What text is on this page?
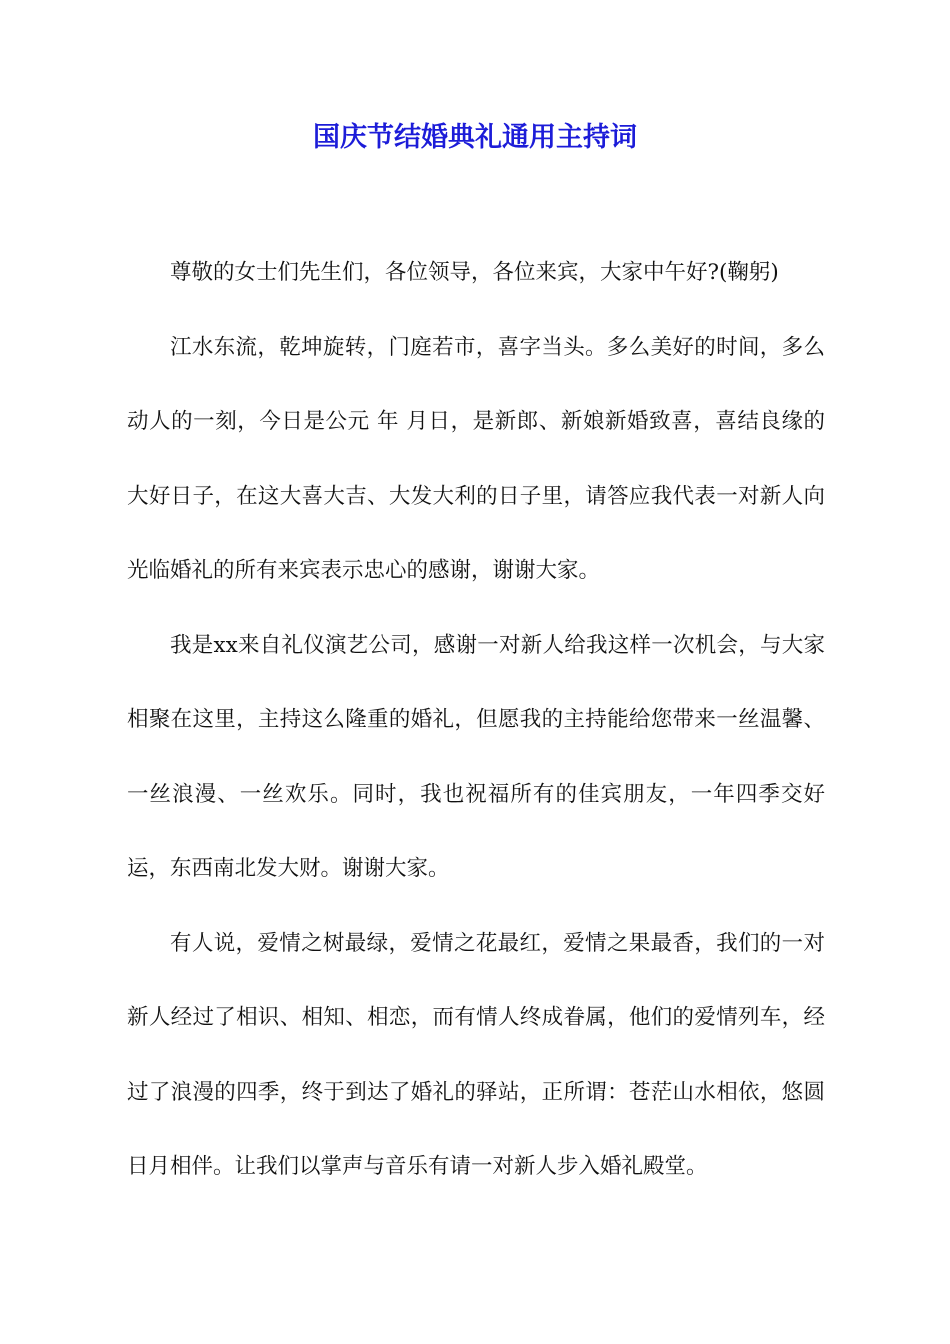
国庆节结婚典礼通用主持词

尊敬的女士们先生们，各位领导，各位来宾，大家中午好?(鞠躬)

江水东流，乾坤旋转，门庭若市，喜字当头。多么美好的时间，多么动人的一刻，今日是公元 年 月日，是新郎、新娘新婚致喜，喜结良缘的大好日子，在这大喜大吉、大发大利的日子里，请答应我代表一对新人向光临婚礼的所有来宾表示忠心的感谢，谢谢大家。

我是xx来自礼仪演艺公司，感谢一对新人给我这样一次机会，与大家相聚在这里，主持这么隆重的婚礼，但愿我的主持能给您带来一丝温馨、一丝浪漫、一丝欢乐。同时，我也祝福所有的佳宾朋友，一年四季交好运，东西南北发大财。谢谢大家。

有人说，爱情之树最绿，爱情之花最红，爱情之果最香，我们的一对新人经过了相识、相知、相恋，而有情人终成眷属，他们的爱情列车，经过了浪漫的四季，终于到达了婚礼的驿站，正所谓：苍茫山水相依，悠圆日月相伴。让我们以掌声与音乐有请一对新人步入婚礼殿堂。
